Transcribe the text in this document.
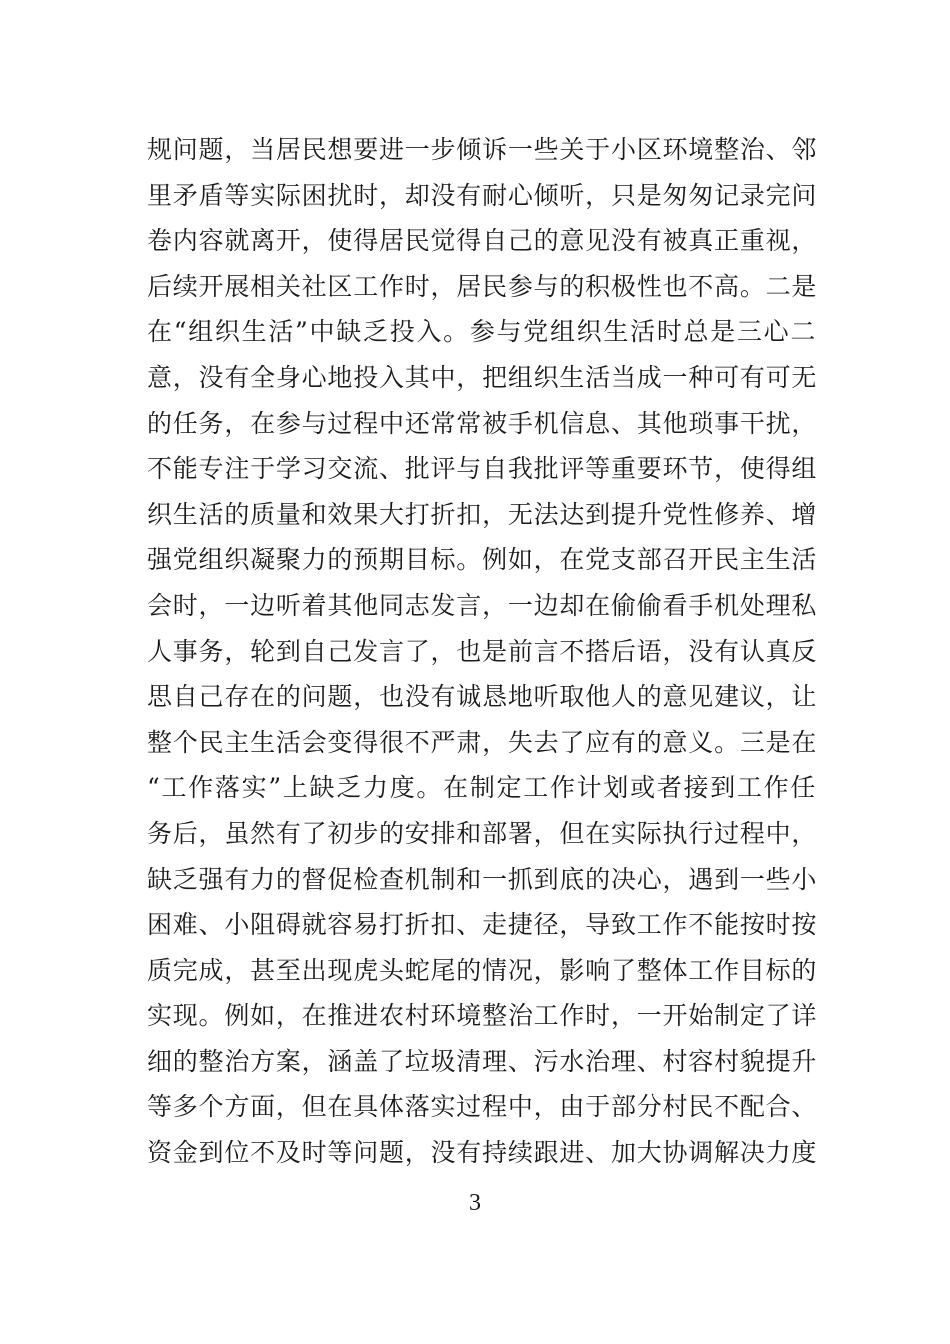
规问题，当居民想要进一步倾诉一些关于小区环境整治、邻
里矛盾等实际困扰时，却没有耐心倾听，只是匆匆记录完问
卷内容就离开，使得居民觉得自己的意见没有被真正重视，
后续开展相关社区工作时，居民参与的积极性也不高。二是
在“组织生活”中缺乏投入。参与党组织生活时总是三心二
意，没有全身心地投入其中，把组织生活当成一种可有可无
的任务，在参与过程中还常常被手机信息、其他琐事干扰，
不能专注于学习交流、批评与自我批评等重要环节，使得组
织生活的质量和效果大打折扣，无法达到提升党性修养、增
强党组织凝聚力的预期目标。例如，在党支部召开民主生活
会时，一边听着其他同志发言，一边却在偷偷看手机处理私
人事务，轮到自己发言了，也是前言不搭后语，没有认真反
思自己存在的问题，也没有诚恳地听取他人的意见建议，让
整个民主生活会变得很不严肃，失去了应有的意义。三是在
“工作落实”上缺乏力度。在制定工作计划或者接到工作任
务后，虽然有了初步的安排和部署，但在实际执行过程中，
缺乏强有力的督促检查机制和一抓到底的决心，遇到一些小
困难、小阻碍就容易打折扣、走捷径，导致工作不能按时按
质完成，甚至出现虎头蛇尾的情况，影响了整体工作目标的
实现。例如，在推进农村环境整治工作时，一开始制定了详
细的整治方案，涵盖了垃圾清理、污水治理、村容村貌提升
等多个方面，但在具体落实过程中，由于部分村民不配合、
资金到位不及时等问题，没有持续跟进、加大协调解决力度
3
